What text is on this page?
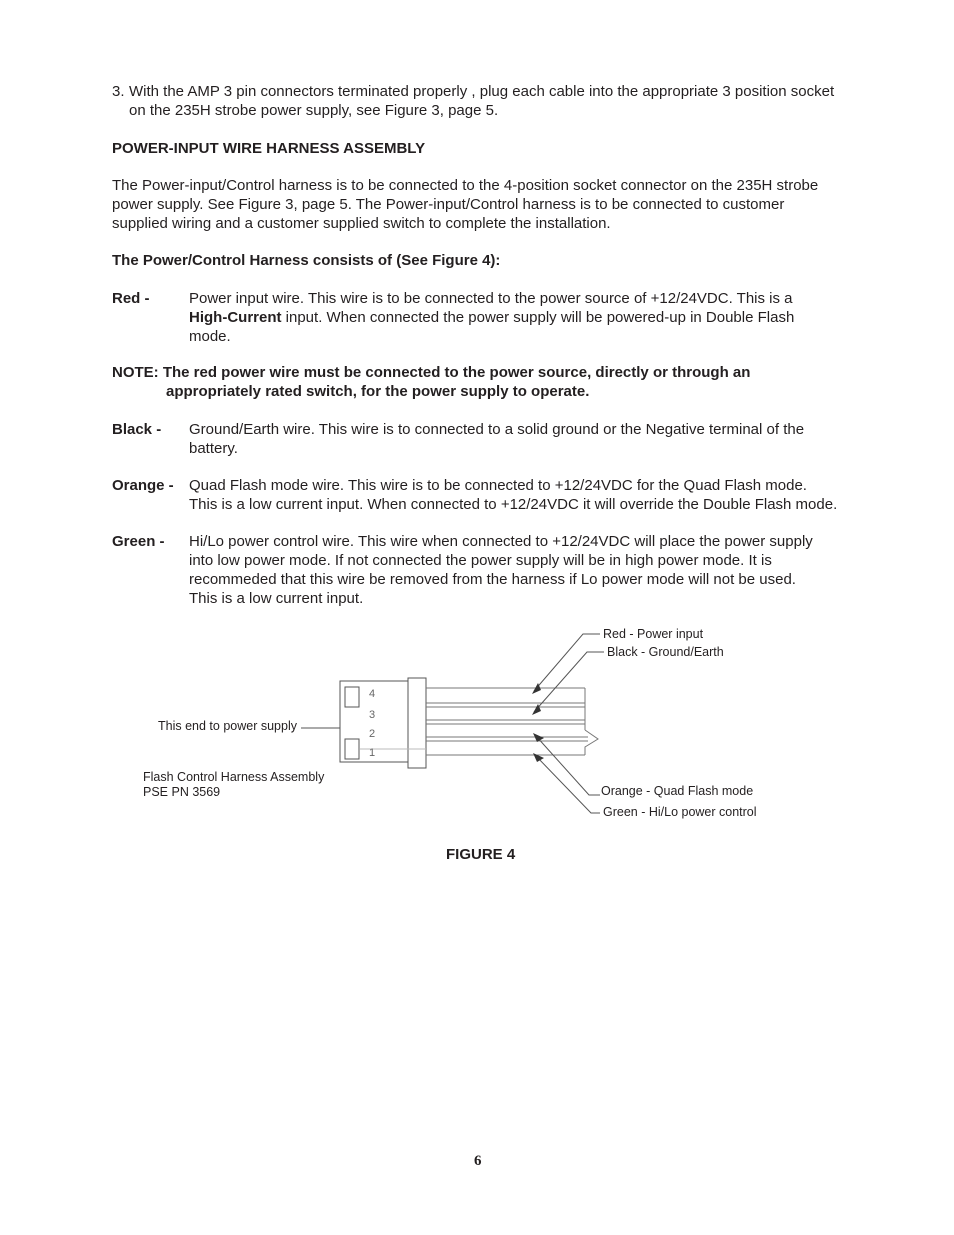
3. With the AMP 3 pin connectors terminated properly , plug each cable into the appropriate 3 position socket
on the 235H strobe power supply, see Figure 3, page 5.
POWER-INPUT WIRE HARNESS ASSEMBLY
The Power-input/Control harness is to be connected to the 4-position socket connector on the 235H strobe
power supply. See Figure 3, page 5. The Power-input/Control harness is to be connected to customer
supplied wiring and a customer supplied switch to complete the installation.
The Power/Control Harness consists of (See Figure 4):
Red -	Power input wire. This wire is to be connected to the power source of +12/24VDC. This is a
High-Current input. When connected the power supply will be powered-up in Double Flash
mode.
NOTE: The red power wire must be connected to the power source, directly or through an
appropriately rated switch, for the power supply to operate.
Black - Ground/Earth wire. This wire is to connected to a solid ground or the Negative terminal of the
battery.
Orange - Quad Flash mode wire. This wire is to be connected to +12/24VDC for the Quad Flash mode.
This is a low current input. When connected to +12/24VDC it will override the Double Flash mode.
Green - Hi/Lo power control wire. This wire when connected to +12/24VDC will place the power supply
into low power mode. If not connected the power supply will be in high power mode. It is
recommeded that this wire be removed from the harness if Lo power mode will not be used.
This is a low current input.
4
3
2
1
Red - Power input
Black - Ground/Earth
This end to power supply
Flash Control Harness Assembly
PSE PN 3569	Orange - Quad Flash mode
Green - Hi/Lo power control
FIGURE 4
6
